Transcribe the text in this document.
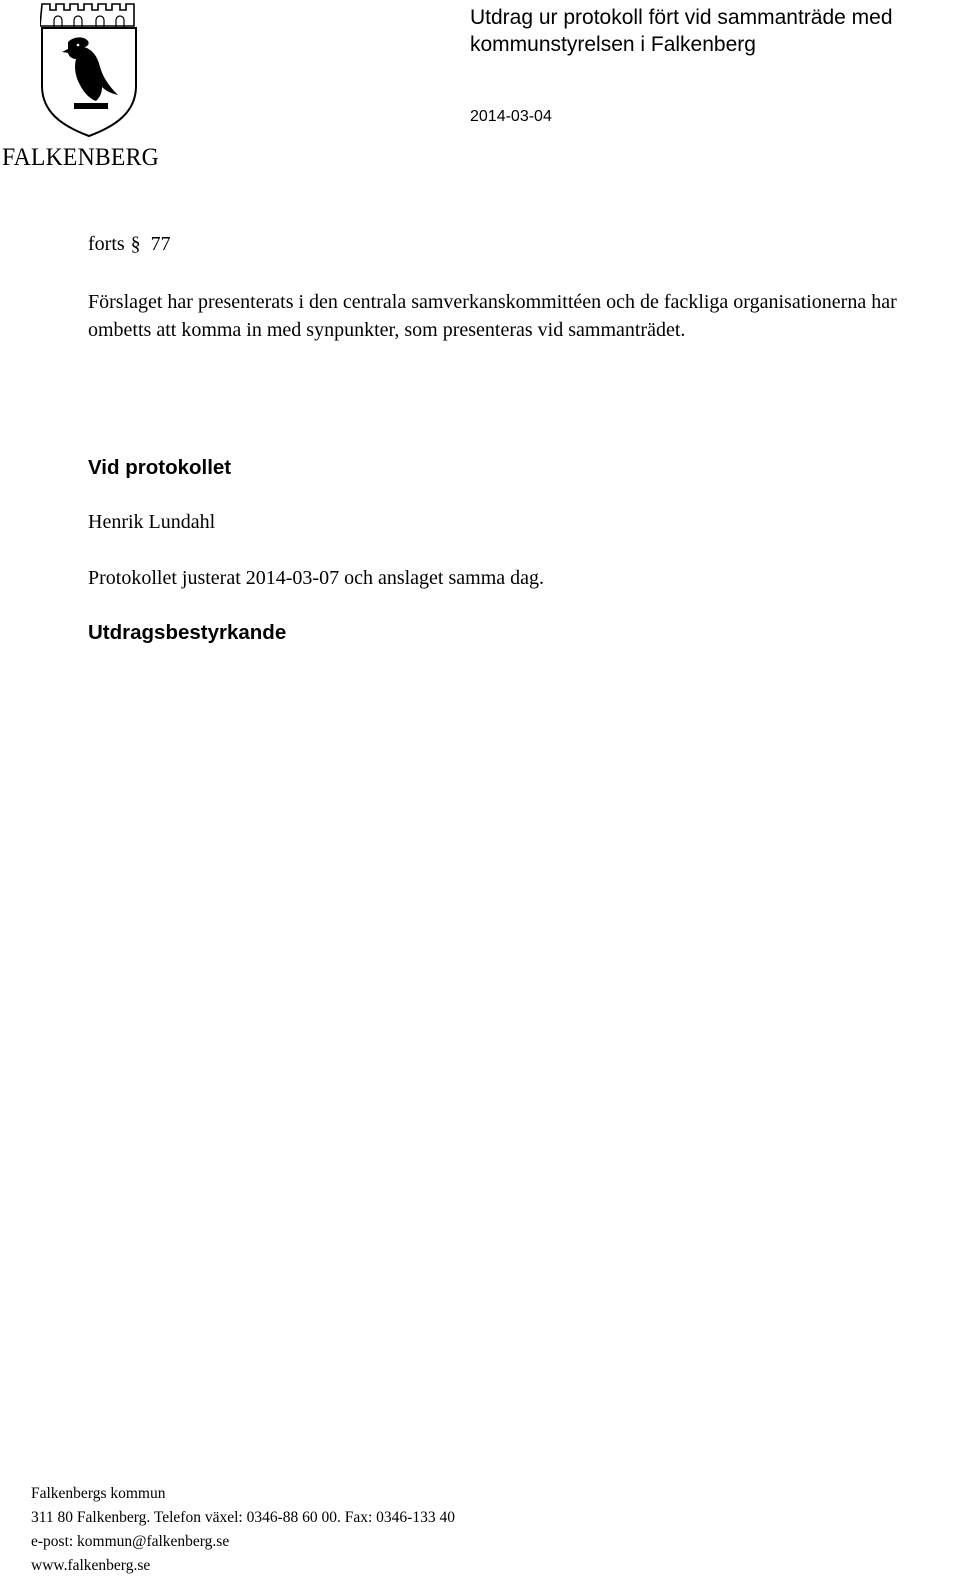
FALKENBERG
Utdrag ur protokoll fört vid sammanträde med kommunstyrelsen i Falkenberg
2014-03-04
forts § 77
Förslaget har presenterats i den centrala samverkanskommittéen och de fackliga organisationerna har ombetts att komma in med synpunkter, som presenteras vid sammanträdet.
Vid protokollet
Henrik Lundahl
Protokollet justerat 2014-03-07 och anslaget samma dag.
Utdragsbestyrkande
Falkenbergs kommun
311 80 Falkenberg. Telefon växel: 0346-88 60 00. Fax: 0346-133 40
e-post: kommun@falkenberg.se
www.falkenberg.se
